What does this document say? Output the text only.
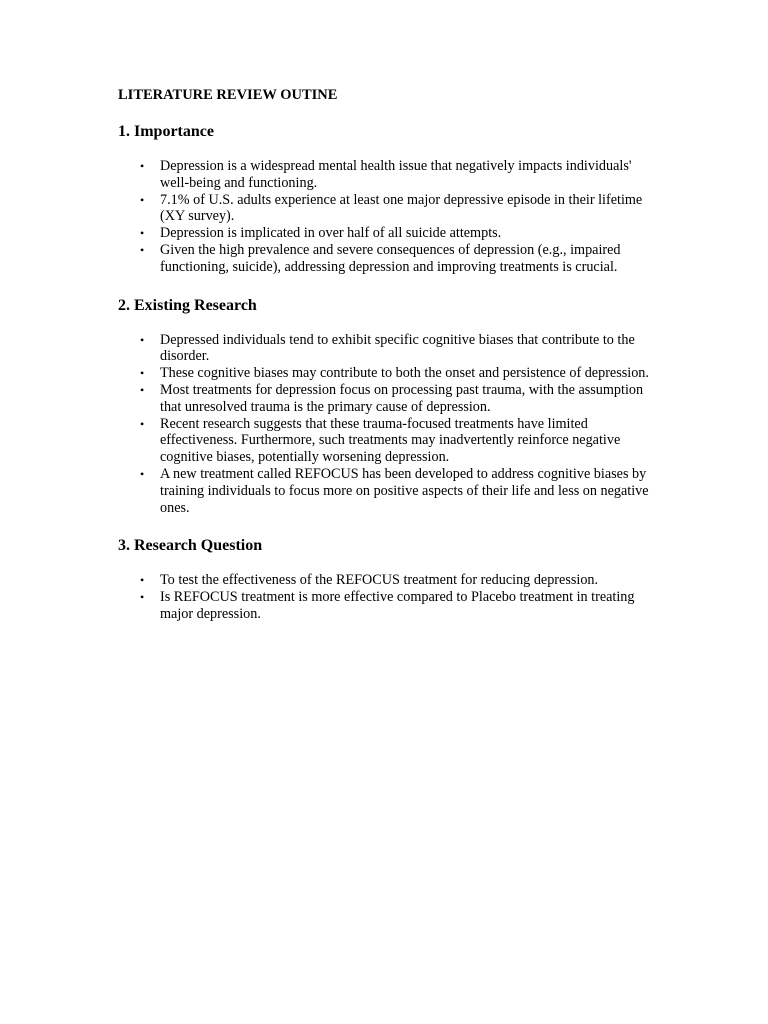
LITERATURE REVIEW OUTINE
1. Importance
•	Depression is a widespread mental health issue that negatively impacts individuals' well-being and functioning.
•	7.1% of U.S. adults experience at least one major depressive episode in their lifetime (XY survey).
•	Depression is implicated in over half of all suicide attempts.
•	Given the high prevalence and severe consequences of depression (e.g., impaired functioning, suicide), addressing depression and improving treatments is crucial.
2. Existing Research
•	Depressed individuals tend to exhibit specific cognitive biases that contribute to the disorder.
•	These cognitive biases may contribute to both the onset and persistence of depression.
•	Most treatments for depression focus on processing past trauma, with the assumption that unresolved trauma is the primary cause of depression.
•	Recent research suggests that these trauma-focused treatments have limited effectiveness. Furthermore, such treatments may inadvertently reinforce negative cognitive biases, potentially worsening depression.
•	A new treatment called REFOCUS has been developed to address cognitive biases by training individuals to focus more on positive aspects of their life and less on negative ones.
3. Research Question
•	To test the effectiveness of the REFOCUS treatment for reducing depression.
•	Is REFOCUS treatment is more effective compared to Placebo treatment in treating major depression.
